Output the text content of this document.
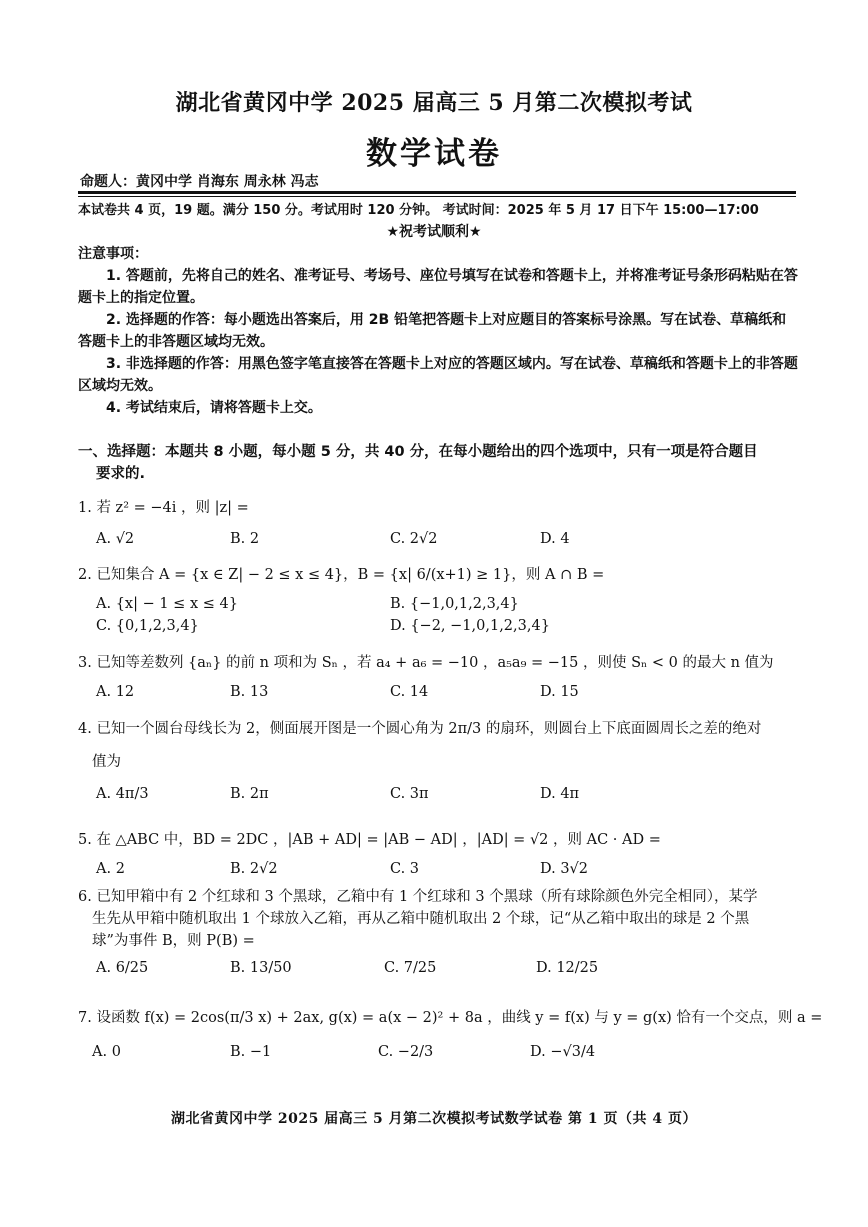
湖北省黄冈中学 2025 届高三 5 月第二次模拟考试
数学试卷
命题人：黄冈中学 肖海东 周永林 冯志
本试卷共 4 页，19 题。满分 150 分。考试用时 120 分钟。 考试时间：2025 年 5 月 17 日下午 15:00—17:00
★祝考试顺利★
注意事项：
1. 答题前，先将自己的姓名、准考证号、考场号、座位号填写在试卷和答题卡上，并将准考证号条形码粘贴在答题卡上的指定位置。
2. 选择题的作答：每小题选出答案后，用 2B 铅笔把答题卡上对应题目的答案标号涂黑。写在试卷、草稿纸和答题卡上的非答题区域均无效。
3. 非选择题的作答：用黑色签字笔直接答在答题卡上对应的答题区域内。写在试卷、草稿纸和答题卡上的非答题区域均无效。
4. 考试结束后，请将答题卡上交。
一、选择题：本题共 8 小题，每小题 5 分，共 40 分，在每小题给出的四个选项中，只有一项是符合题目
要求的.
1. 若 z² = −4i ，则 |z| =
A. √2	B. 2	C. 2√2	D. 4
2. 已知集合 A = {x ∈ Z| − 2 ≤ x ≤ 4}，B = {x| 6/(x+1) ≥ 1}，则 A ∩ B =
A. {x| − 1 ≤ x ≤ 4}	B. {−1,0,1,2,3,4}
C. {0,1,2,3,4}	D. {−2, −1,0,1,2,3,4}
3. 已知等差数列 {aₙ} 的前 n 项和为 Sₙ ，若 a₄ + a₆ = −10 ，a₅a₉ = −15 ，则使 Sₙ < 0 的最大 n 值为
A. 12	B. 13	C. 14	D. 15
4. 已知一个圆台母线长为 2，侧面展开图是一个圆心角为 2π/3 的扇环，则圆台上下底面圆周长之差的绝对
值为
A. 4π/3	B. 2π	C. 3π	D. 4π
5. 在 △ABC 中，BD = 2DC ，|AB + AD| = |AB − AD| ，|AD| = √2 ，则 AC · AD =
A. 2	B. 2√2	C. 3	D. 3√2
6. 已知甲箱中有 2 个红球和 3 个黑球，乙箱中有 1 个红球和 3 个黑球（所有球除颜色外完全相同），某学
生先从甲箱中随机取出 1 个球放入乙箱，再从乙箱中随机取出 2 个球，记“从乙箱中取出的球是 2 个黑
球”为事件 B，则 P(B) =
A. 6/25	B. 13/50	C. 7/25	D. 12/25
7. 设函数 f(x) = 2cos(π/3 x) + 2ax, g(x) = a(x − 2)² + 8a ，曲线 y = f(x) 与 y = g(x) 恰有一个交点，则 a =
A. 0	B. −1	C. −2/3	D. −√3/4
湖北省黄冈中学 2025 届高三 5 月第二次模拟考试数学试卷 第 1 页（共 4 页）
